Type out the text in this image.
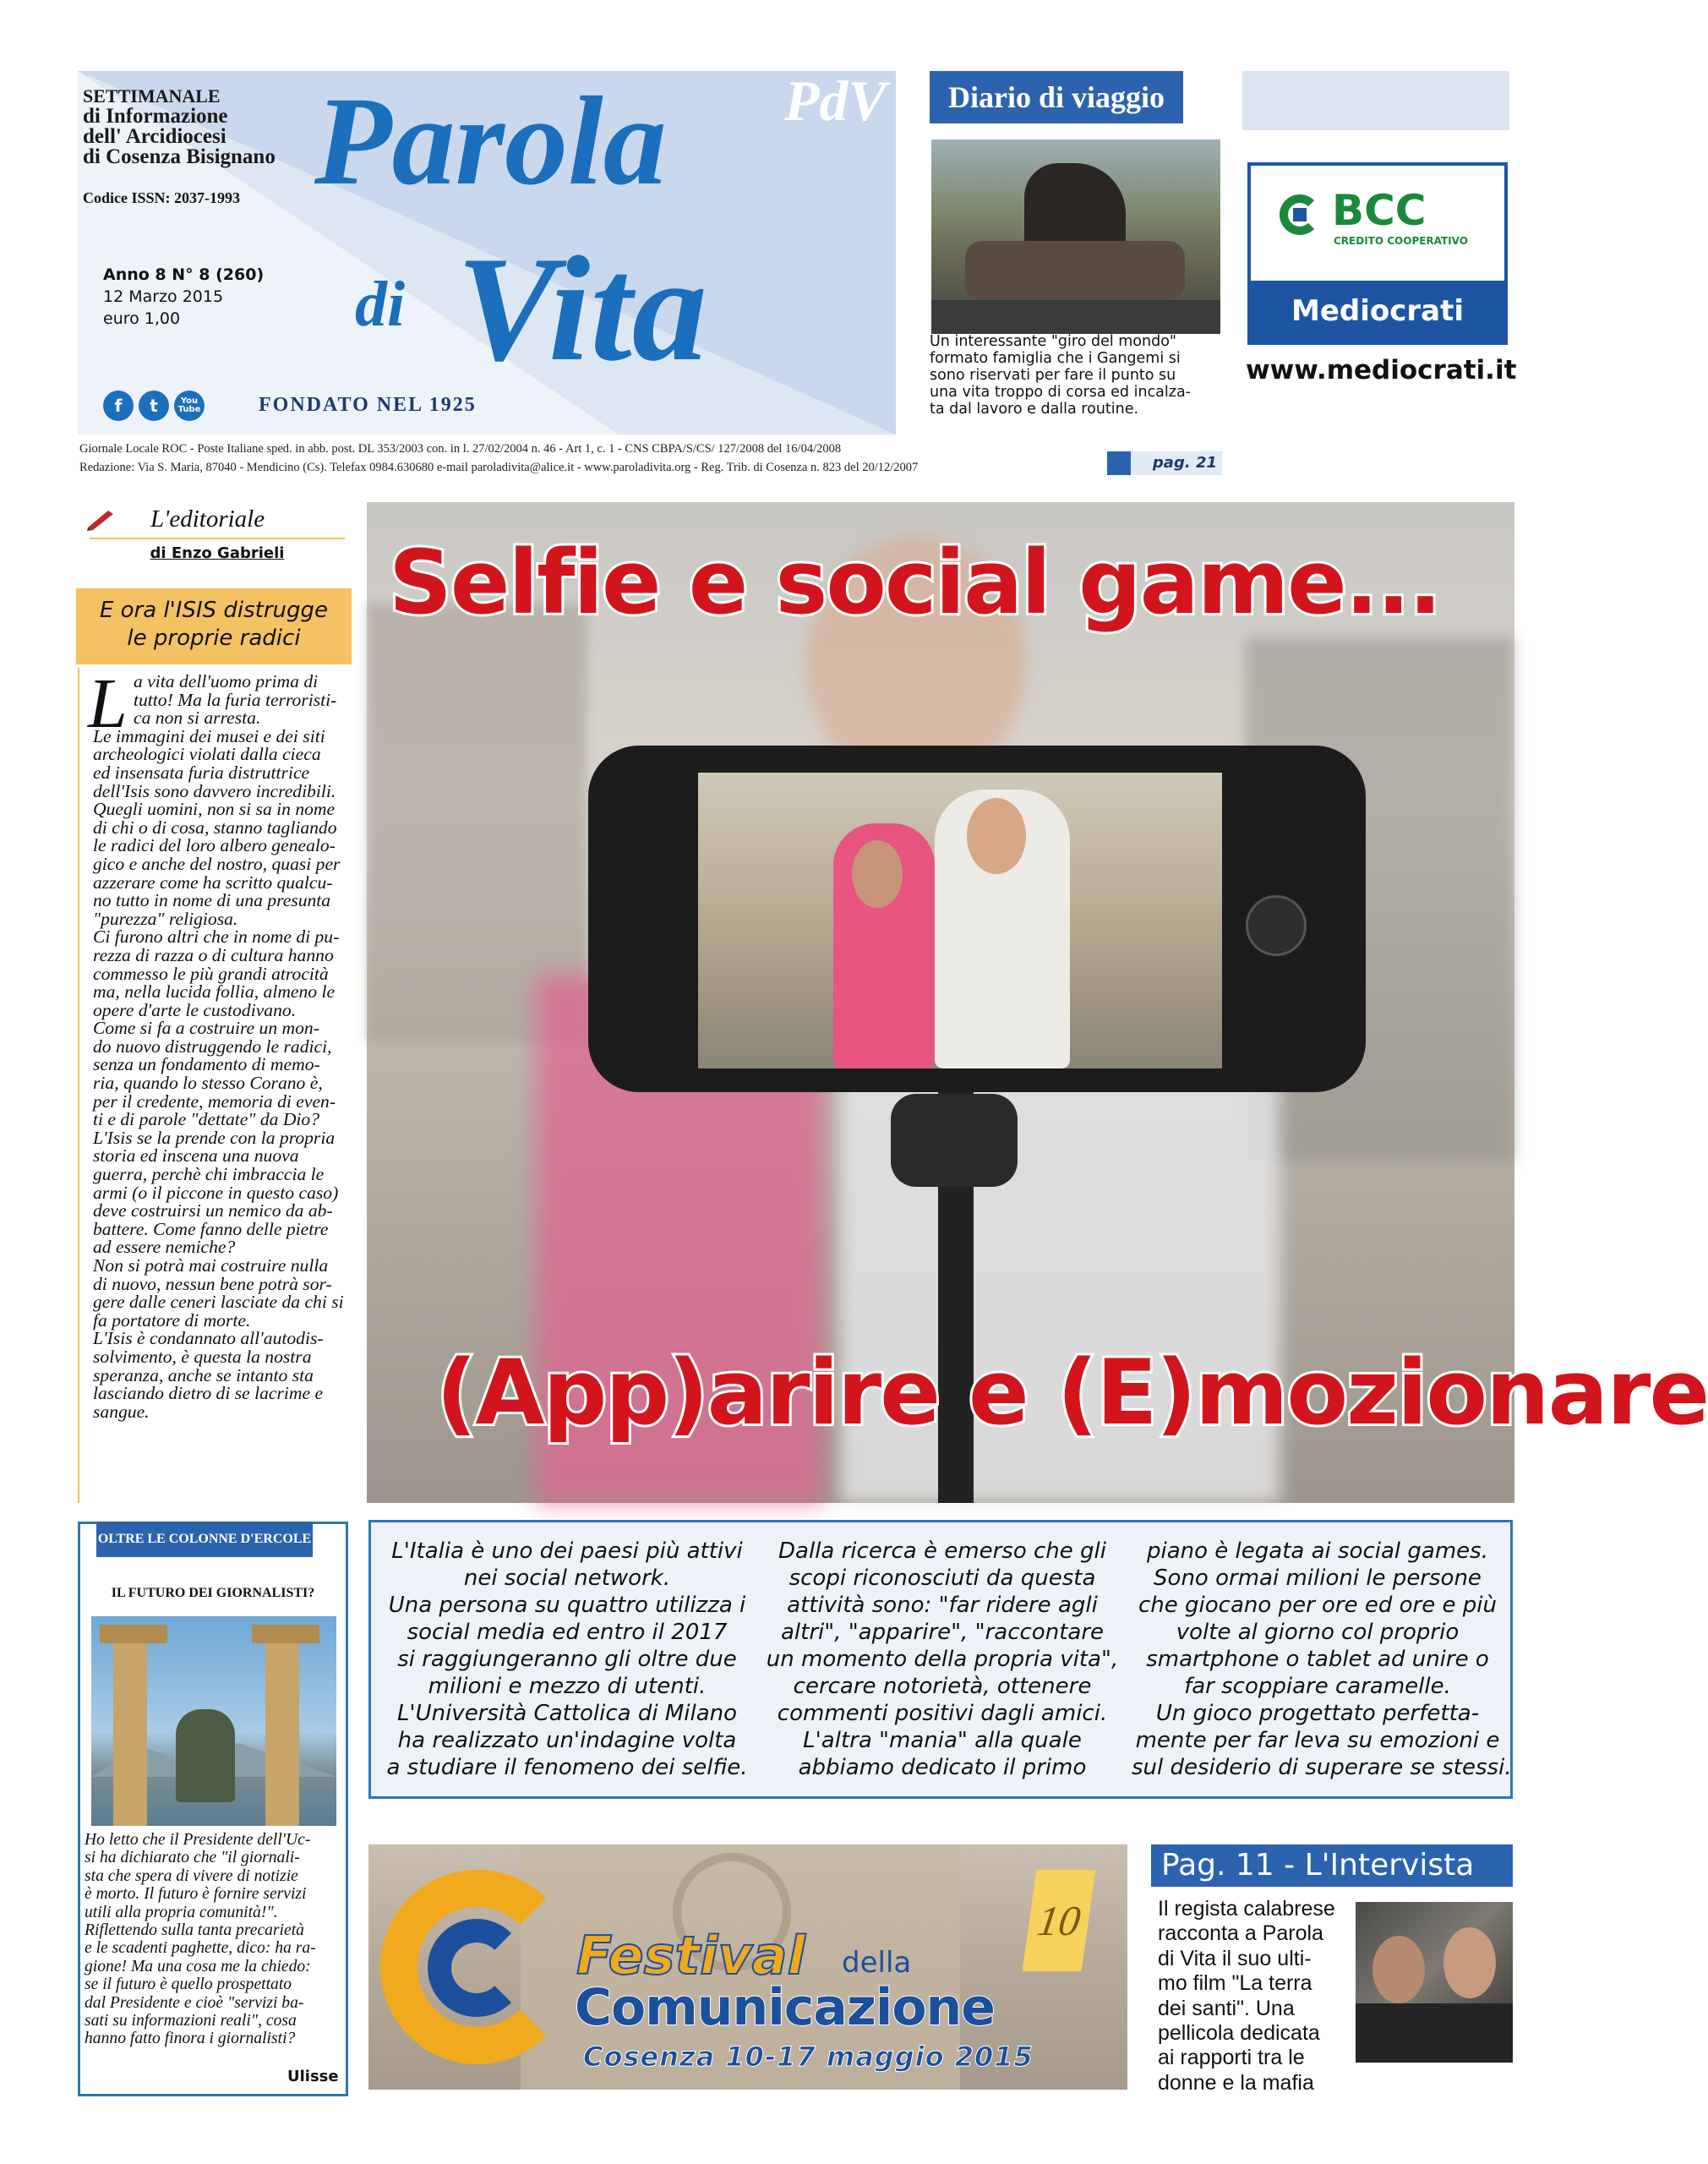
SETTIMANALE
di Informazione
dell' Arcidiocesi
di Cosenza Bisignano
Codice ISSN: 2037-1993
PdV
Parola
di Vita
Anno 8 N° 8 (260)
12 Marzo 2015
euro 1,00
f	t	You Tube	FONDATO NEL 1925
Giornale Locale ROC - Poste Italiane sped. in abb. post. DL 353/2003 con. in l. 27/02/2004 n. 46 - Art 1, c. 1 - CNS CBPA/S/CS/ 127/2008 del 16/04/2008
Redazione: Via S. Maria, 87040 - Mendicino (Cs). Telefax 0984.630680 e-mail paroladivita@alice.it - www.paroladivita.org - Reg. Trib. di Cosenza n. 823 del 20/12/2007
Diario di viaggio
Un interessante "giro del mondo"
formato famiglia che i Gangemi si
sono riservati per fare il punto su
una vita troppo di corsa ed incalza-
ta dal lavoro e dalla routine.
pag. 21
BCC
CREDITO COOPERATIVO
Mediocrati
www.mediocrati.it
L'editoriale
di Enzo Gabrieli
E ora l'ISIS distrugge
le proprie radici
L a vita dell'uomo prima di
tutto! Ma la furia terroristi-
ca non si arresta.
Le immagini dei musei e dei siti
archeologici violati dalla cieca
ed insensata furia distruttrice
dell'Isis sono davvero incredibili.
Quegli uomini, non si sa in nome
di chi o di cosa, stanno tagliando
le radici del loro albero genealo-
gico e anche del nostro, quasi per
azzerare come ha scritto qualcu-
no tutto in nome di una presunta
"purezza" religiosa.
Ci furono altri che in nome di pu-
rezza di razza o di cultura hanno
commesso le più grandi atrocità
ma, nella lucida follia, almeno le
opere d'arte le custodivano.
Come si fa a costruire un mon-
do nuovo distruggendo le radici,
senza un fondamento di memo-
ria, quando lo stesso Corano è,
per il credente, memoria di even-
ti e di parole "dettate" da Dio?
L'Isis se la prende con la propria
storia ed inscena una nuova
guerra, perchè chi imbraccia le
armi (o il piccone in questo caso)
deve costruirsi un nemico da ab-
battere. Come fanno delle pietre
ad essere nemiche?
Non si potrà mai costruire nulla
di nuovo, nessun bene potrà sor-
gere dalle ceneri lasciate da chi si
fa portatore di morte.
L'Isis è condannato all'autodis-
solvimento, è questa la nostra
speranza, anche se intanto sta
lasciando dietro di se lacrime e
sangue.
Selfie e social game...
(App)arire e (E)mozionare
L'Italia è uno dei paesi più attivi
nei social network.
Una persona su quattro utilizza i
social media ed entro il 2017
si raggiungeranno gli oltre due
milioni e mezzo di utenti.
L'Università Cattolica di Milano
ha realizzato un'indagine volta
a studiare il fenomeno dei selfie.
Dalla ricerca è emerso che gli
scopi riconosciuti da questa
attività sono: "far ridere agli
altri", "apparire", "raccontare
un momento della propria vita",
cercare notorietà, ottenere
commenti positivi dagli amici.
L'altra "mania" alla quale
abbiamo dedicato il primo
piano è legata ai social games.
Sono ormai milioni le persone
che giocano per ore ed ore e più
volte al giorno col proprio
smartphone o tablet ad unire o
far scoppiare caramelle.
Un gioco progettato perfetta-
mente per far leva su emozioni e
sul desiderio di superare se stessi.
OLTRE LE COLONNE D'ERCOLE
IL FUTURO DEI GIORNALISTI?
Ho letto che il Presidente dell'Uc-
si ha dichiarato che "il giornali-
sta che spera di vivere di notizie
è morto. Il futuro è fornire servizi
utili alla propria comunità!".
Riflettendo sulla tanta precarietà
e le scadenti paghette, dico: ha ra-
gione! Ma una cosa me la chiedo:
se il futuro è quello prospettato
dal Presidente e cioè "servizi ba-
sati su informazioni reali", cosa
hanno fatto finora i giornalisti?
Ulisse
10
Festival della
Comunicazione
Cosenza 10-17 maggio 2015
Pag. 11 - L'Intervista
Il regista calabrese
racconta a Parola
di Vita il suo ulti-
mo film "La terra
dei santi". Una
pellicola dedicata
ai rapporti tra le
donne e la mafia
